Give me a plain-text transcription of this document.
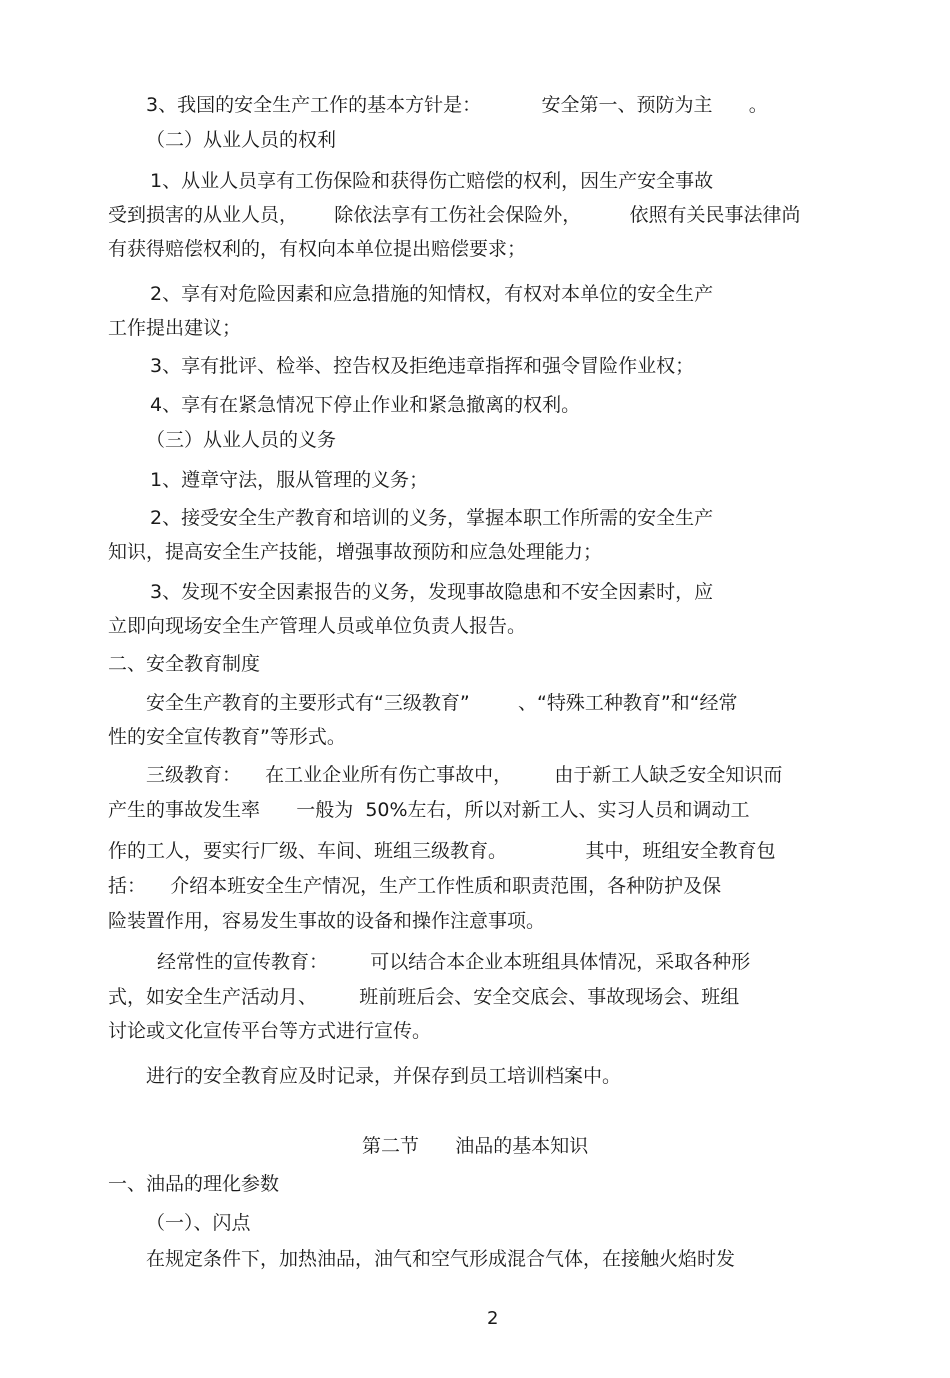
3、我国的安全生产工作的基本方针是：          安全第一、预防为主      。
（二）从业人员的权利
1、从业人员享有工伤保险和获得伤亡赔偿的权利，因生产安全事故
受到损害的从业人员，      除依法享有工伤社会保险外，        依照有关民事法律尚
有获得赔偿权利的，有权向本单位提出赔偿要求；
2、享有对危险因素和应急措施的知情权，有权对本单位的安全生产
工作提出建议；
3、享有批评、检举、控告权及拒绝违章指挥和强令冒险作业权；
4、享有在紧急情况下停止作业和紧急撤离的权利。
（三）从业人员的义务
1、遵章守法，服从管理的义务；
2、接受安全生产教育和培训的义务，掌握本职工作所需的安全生产
知识，提高安全生产技能，增强事故预防和应急处理能力；
3、发现不安全因素报告的义务，发现事故隐患和不安全因素时，应
立即向现场安全生产管理人员或单位负责人报告。
二、安全教育制度
安全生产教育的主要形式有“三级教育”        、“特殊工种教育”和“经常
性的安全宣传教育”等形式。
三级教育：    在工业企业所有伤亡事故中，       由于新工人缺乏安全知识而
产生的事故发生率      一般为  50%左右，所以对新工人、实习人员和调动工
作的工人，要实行厂级、车间、班组三级教育。             其中，班组安全教育包
括：    介绍本班安全生产情况，生产工作性质和职责范围，各种防护及保
险装置作用，容易发生事故的设备和操作注意事项。
经常性的宣传教育：       可以结合本企业本班组具体情况，采取各种形
式，如安全生产活动月、       班前班后会、安全交底会、事故现场会、班组
讨论或文化宣传平台等方式进行宣传。
进行的安全教育应及时记录，并保存到员工培训档案中。
第二节      油品的基本知识
一、油品的理化参数
（一）、闪点
在规定条件下，加热油品，油气和空气形成混合气体，在接触火焰时发
2
